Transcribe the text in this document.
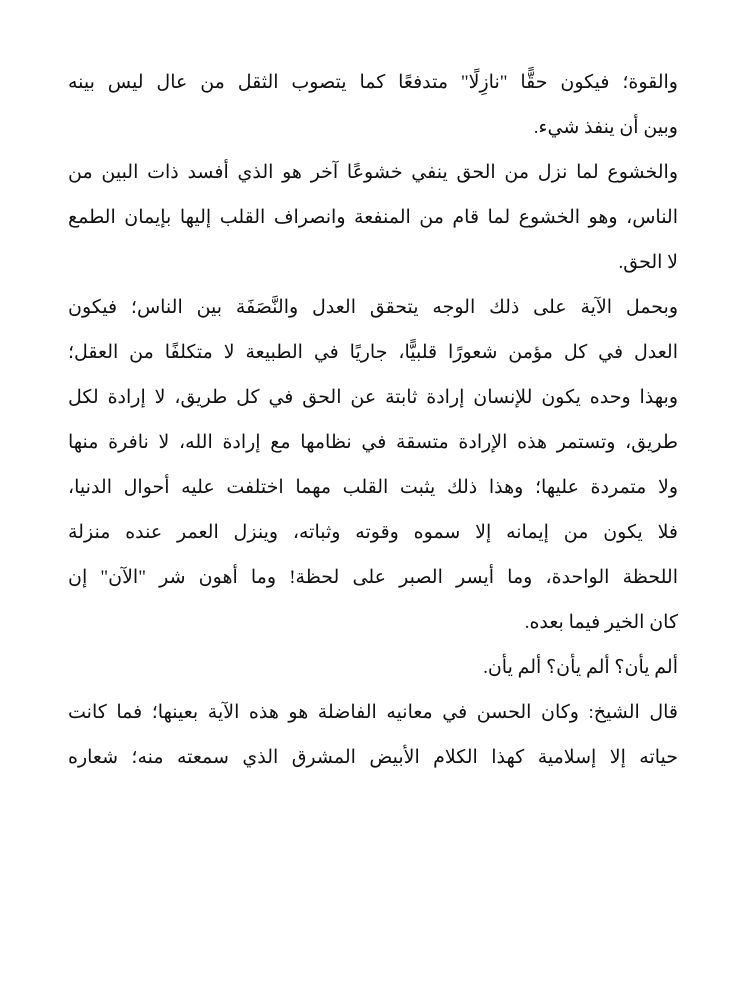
والقوة؛ فيكون حقًّا "نازِلًا" متدفعًا كما يتصوب الثقل من عال ليس بينه
وبين أن ينفذ شيء.
والخشوع لما نزل من الحق ينفي خشوعًا آخر هو الذي أفسد ذات البين من
الناس، وهو الخشوع لما قام من المنفعة وانصراف القلب إليها بإيمان الطمع
لا الحق.
وبحمل الآية على ذلك الوجه يتحقق العدل والنَّصَفَة بين الناس؛ فيكون
العدل في كل مؤمن شعورًا قلبيًّا، جاريًا في الطبيعة لا متكلفًا من العقل؛
وبهذا وحده يكون للإنسان إرادة ثابتة عن الحق في كل طريق، لا إرادة لكل
طريق، وتستمر هذه الإرادة متسقة في نظامها مع إرادة الله، لا نافرة منها
ولا متمردة عليها؛ وهذا ذلك يثبت القلب مهما اختلفت عليه أحوال الدنيا،
فلا يكون من إيمانه إلا سموه وقوته وثباته، وينزل العمر عنده منزلة
اللحظة الواحدة، وما أيسر الصبر على لحظة! وما أهون شر "الآن" إن
كان الخير فيما بعده.
ألم يأن؟ ألم يأن؟ ألم يأن.
قال الشيخ: وكان الحسن في معانيه الفاضلة هو هذه الآية بعينها؛ فما كانت
حياته إلا إسلامية كهذا الكلام الأبيض المشرق الذي سمعته منه؛ شعاره
